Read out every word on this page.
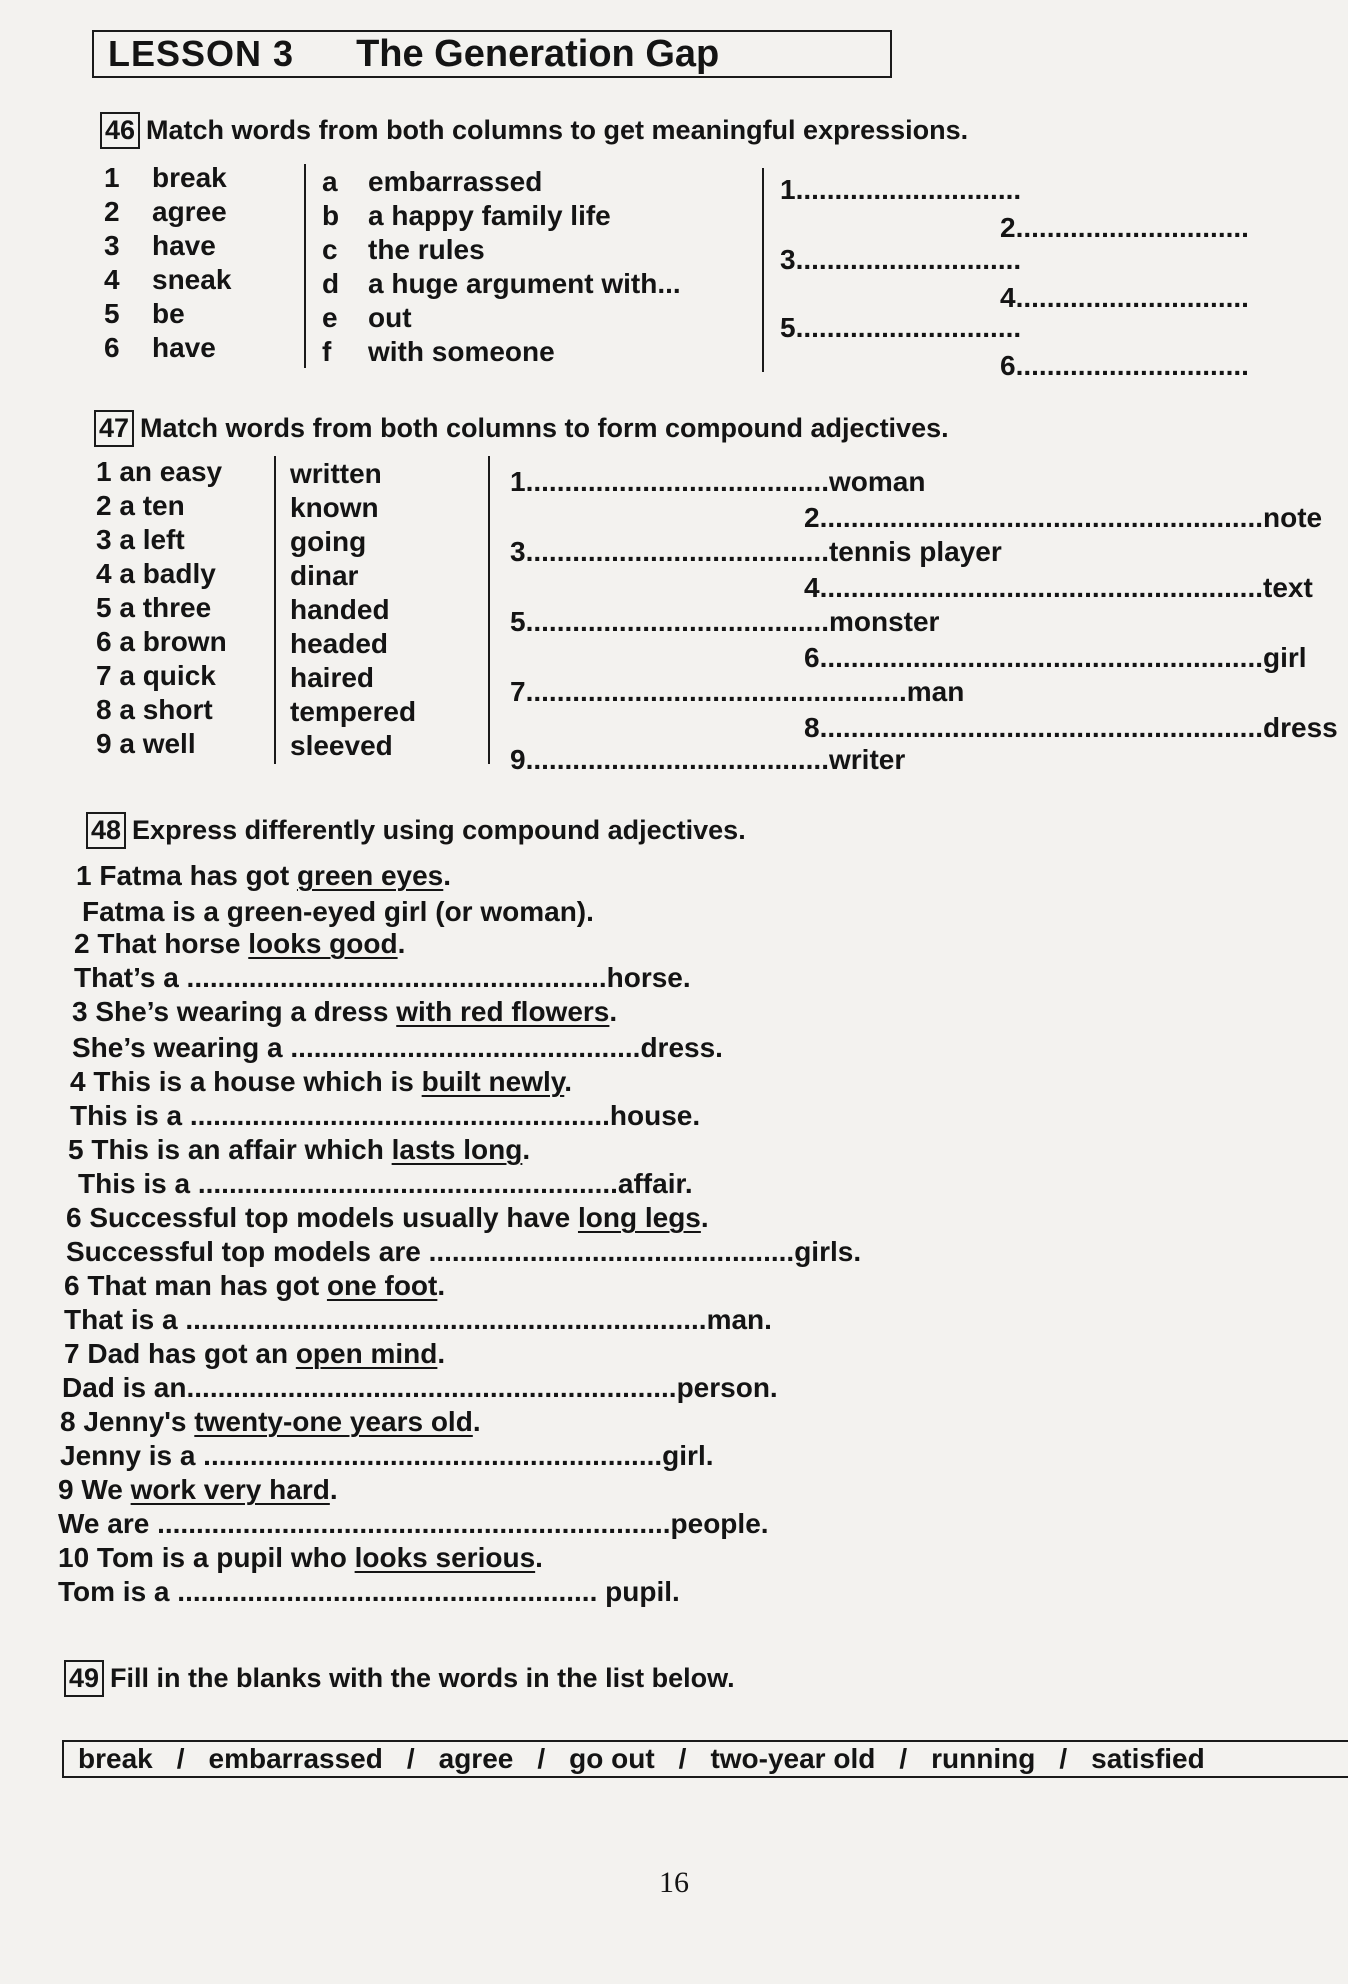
LESSON 3 The Generation Gap
46 Match words from both columns to get meaningful expressions.
1 break
2 agree
3 have
4 sneak
5 be
6 have
a embarrassed
b a happy family life
c the rules
d a huge argument with...
e out
f with someone
1.............................
2..............................
3.............................
4..............................
5.............................
6..............................
47 Match words from both columns to form compound adjectives.
1 an easy
2 a ten
3 a left
4 a badly
5 a three
6 a brown
7 a quick
8 a short
9 a well
written
known
going
dinar
handed
headed
haired
tempered
sleeved
1.......................................woman
2.........................................................note
3.......................................tennis player
4.........................................................text
5.......................................monster
6.........................................................girl
7.................................................man
8.........................................................dress
9.......................................writer
48 Express differently using compound adjectives.
1 Fatma has got green eyes.
Fatma is a green-eyed girl (or woman).
2 That horse looks good.
That’s a ......................................................horse.
3 She’s wearing a dress with red flowers.
She’s wearing a .............................................dress.
4 This is a house which is built newly.
This is a ......................................................house.
5 This is an affair which lasts long.
This is a ......................................................affair.
6 Successful top models usually have long legs.
Successful top models are ...............................................girls.
6 That man has got one foot.
That is a ...................................................................man.
7 Dad has got an open mind.
Dad is an...............................................................person.
8 Jenny's twenty-one years old.
Jenny is a ...........................................................girl.
9 We work very hard.
We are ..................................................................people.
10 Tom is a pupil who looks serious.
Tom is a ...................................................... pupil.
49 Fill in the blanks with the words in the list below.
break / embarrassed / agree / go out / two-year old / running / satisfied
16
